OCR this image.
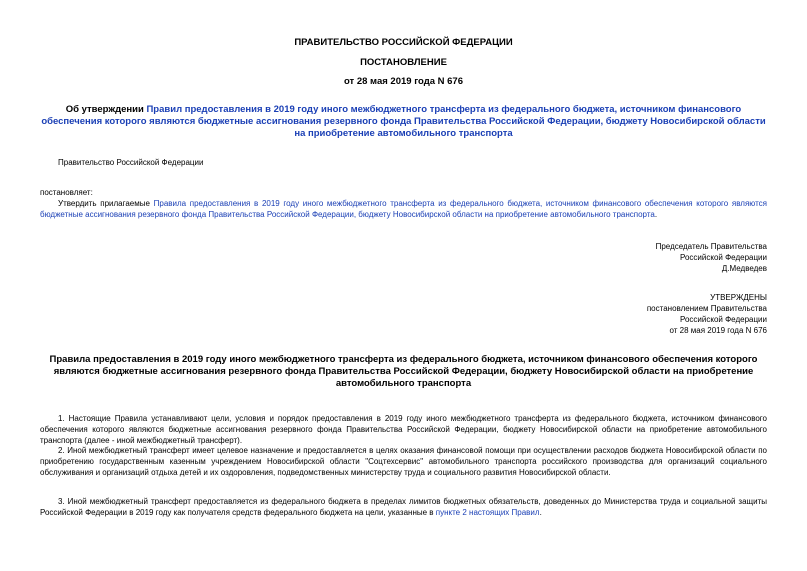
ПРАВИТЕЛЬСТВО РОССИЙСКОЙ ФЕДЕРАЦИИ
ПОСТАНОВЛЕНИЕ
от 28 мая 2019 года N 676
Об утверждении Правил предоставления в 2019 году иного межбюджетного трансферта из федерального бюджета, источником финансового обеспечения которого являются бюджетные ассигнования резервного фонда Правительства Российской Федерации, бюджету Новосибирской области на приобретение автомобильного транспорта
Правительство Российской Федерации
постановляет:
Утвердить прилагаемые Правила предоставления в 2019 году иного межбюджетного трансферта из федерального бюджета, источником финансового обеспечения которого являются бюджетные ассигнования резервного фонда Правительства Российской Федерации, бюджету Новосибирской области на приобретение автомобильного транспорта.
Председатель Правительства
Российской Федерации
Д.Медведев
УТВЕРЖДЕНЫ
постановлением Правительства
Российской Федерации
от 28 мая 2019 года N 676
Правила предоставления в 2019 году иного межбюджетного трансферта из федерального бюджета, источником финансового обеспечения которого являются бюджетные ассигнования резервного фонда Правительства Российской Федерации, бюджету Новосибирской области на приобретение автомобильного транспорта
1. Настоящие Правила устанавливают цели, условия и порядок предоставления в 2019 году иного межбюджетного трансферта из федерального бюджета, источником финансового обеспечения которого являются бюджетные ассигнования резервного фонда Правительства Российской Федерации, бюджету Новосибирской области на приобретение автомобильного транспорта (далее - иной межбюджетный трансферт).
2. Иной межбюджетный трансферт имеет целевое назначение и предоставляется в целях оказания финансовой помощи при осуществлении расходов бюджета Новосибирской области по приобретению государственным казенным учреждением Новосибирской области "Соцтехсервис" автомобильного транспорта российского производства для организаций социального обслуживания и организаций отдыха детей и их оздоровления, подведомственных министерству труда и социального развития Новосибирской области.
3. Иной межбюджетный трансферт предоставляется из федерального бюджета в пределах лимитов бюджетных обязательств, доведенных до Министерства труда и социальной защиты Российской Федерации в 2019 году как получателя средств федерального бюджета на цели, указанные в пункте 2 настоящих Правил.
